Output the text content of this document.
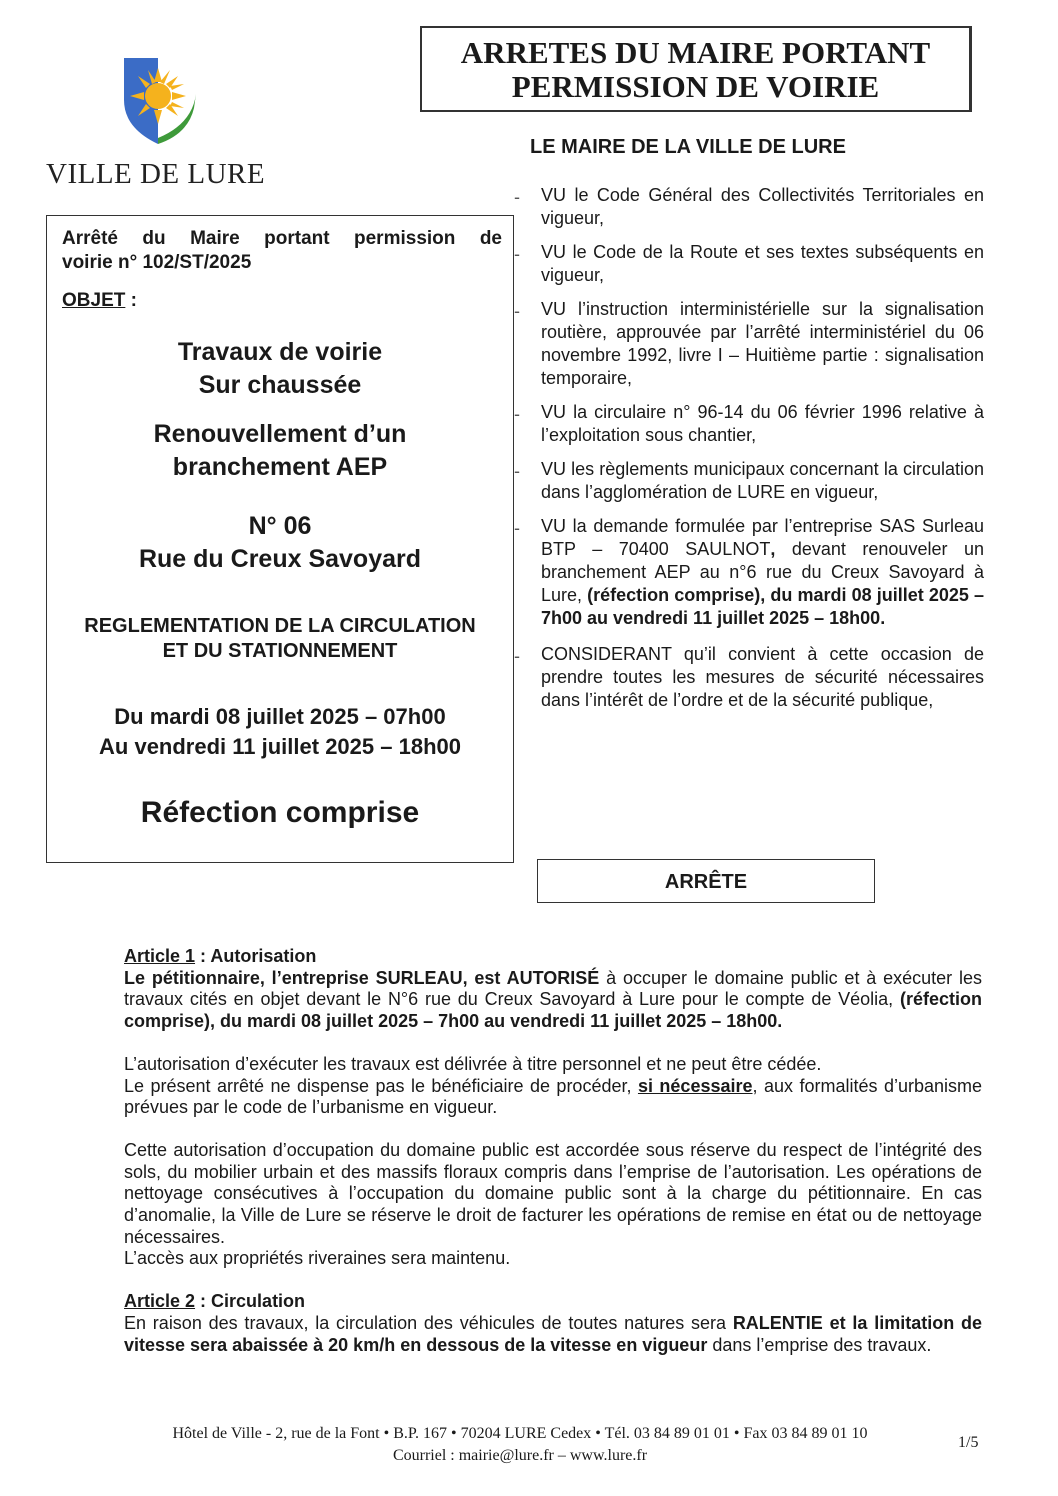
VILLE DE LURE
ARRETES DU MAIRE PORTANT
PERMISSION DE VOIRIE
LE MAIRE DE LA VILLE DE LURE
Arrêté du Maire portant permission de
voirie n° 102/ST/2025
OBJET :
Travaux de voirie
Sur chaussée
Renouvellement d’un
branchement AEP
N° 06
Rue du Creux Savoyard
REGLEMENTATION DE LA CIRCULATION
ET DU STATIONNEMENT
Du mardi 08 juillet 2025 – 07h00
Au vendredi 11 juillet 2025 – 18h00
Réfection comprise
- VU le Code Général des Collectivités Territoriales en vigueur,
- VU le Code de la Route et ses textes subséquents en vigueur,
- VU l’instruction interministérielle sur la signalisation routière, approuvée par l’arrêté interministériel du 06 novembre 1992, livre I – Huitième partie : signalisation temporaire,
- VU la circulaire n° 96-14 du 06 février 1996 relative à l’exploitation sous chantier,
- VU les règlements municipaux concernant la circulation dans l’agglomération de LURE en vigueur,
- VU la demande formulée par l’entreprise SAS Surleau BTP – 70400 SAULNOT, devant renouveler un branchement AEP au n°6 rue du Creux Savoyard à Lure, (réfection comprise), du mardi 08 juillet 2025 – 7h00 au vendredi 11 juillet 2025 – 18h00.
- CONSIDERANT qu’il convient à cette occasion de prendre toutes les mesures de sécurité nécessaires dans l’intérêt de l’ordre et de la sécurité publique,
ARRÊTE
Article 1 : Autorisation

Le pétitionnaire, l’entreprise SURLEAU, est AUTORISÉ à occuper le domaine public et à exécuter les travaux cités en objet devant le N°6 rue du Creux Savoyard à Lure pour le compte de Véolia, (réfection comprise), du mardi 08 juillet 2025 – 7h00 au vendredi 11 juillet 2025 – 18h00.

L’autorisation d’exécuter les travaux est délivrée à titre personnel et ne peut être cédée.

Le présent arrêté ne dispense pas le bénéficiaire de procéder, si nécessaire, aux formalités d’urbanisme prévues par le code de l’urbanisme en vigueur.

Cette autorisation d’occupation du domaine public est accordée sous réserve du respect de l’intégrité des sols, du mobilier urbain et des massifs floraux compris dans l’emprise de l’autorisation. Les opérations de nettoyage consécutives à l’occupation du domaine public sont à la charge du pétitionnaire. En cas d’anomalie, la Ville de Lure se réserve le droit de facturer les opérations de remise en état ou de nettoyage nécessaires.

L’accès aux propriétés riveraines sera maintenu.

Article 2 : Circulation

En raison des travaux, la circulation des véhicules de toutes natures sera RALENTIE et la limitation de vitesse sera abaissée à 20 km/h en dessous de la vitesse en vigueur dans l’emprise des travaux.

Hôtel de Ville - 2, rue de la Font • B.P. 167 • 70204 LURE Cedex • Tél. 03 84 89 01 01 • Fax 03 84 89 01 10
Courriel : mairie@lure.fr – www.lure.fr
1/5
